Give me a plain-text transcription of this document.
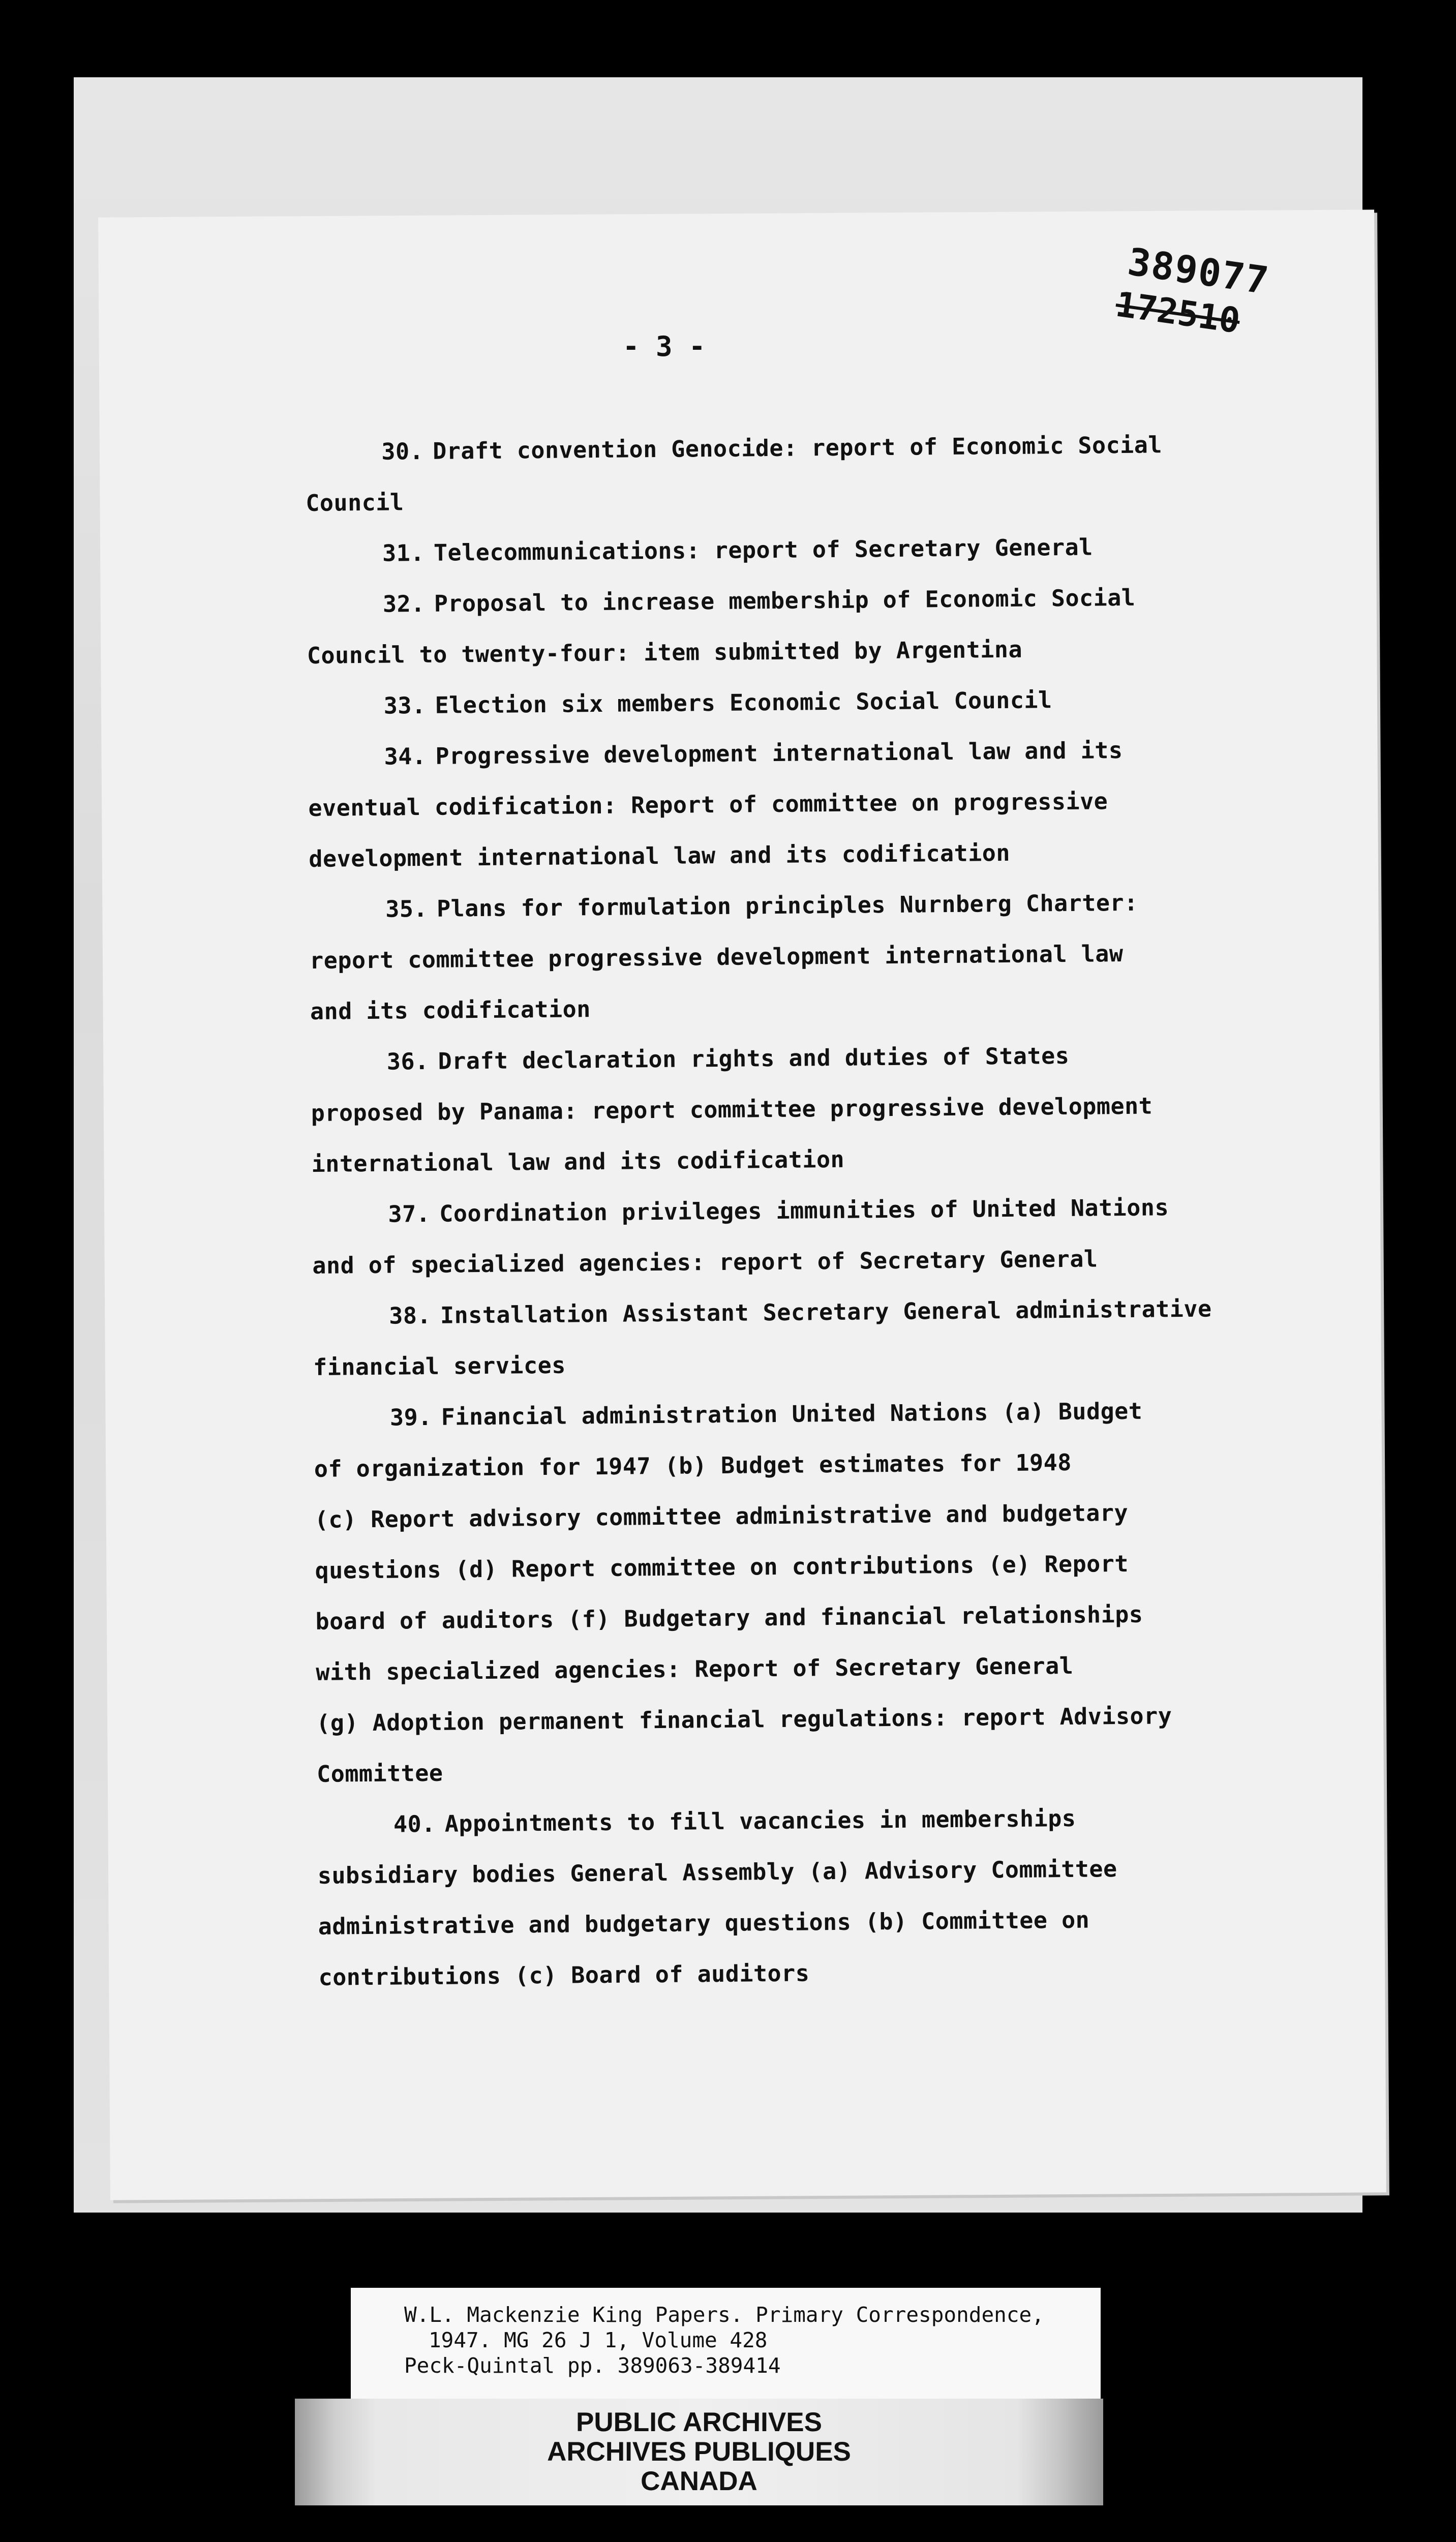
389077
172510
- 3 -
30. Draft convention Genocide: report of Economic Social
Council
31. Telecommunications: report of Secretary General
32. Proposal to increase membership of Economic Social
Council to twenty-four: item submitted by Argentina
33. Election six members Economic Social Council
34. Progressive development international law and its
eventual codification: Report of committee on progressive
development international law and its codification
35. Plans for formulation principles Nurnberg Charter:
report committee progressive development international law
and its codification
36. Draft declaration rights and duties of States
proposed by Panama: report committee progressive development
international law and its codification
37. Coordination privileges immunities of United Nations
and of specialized agencies: report of Secretary General
38. Installation Assistant Secretary General administrative
financial services
39. Financial administration United Nations (a) Budget
of organization for 1947 (b) Budget estimates for 1948
(c) Report advisory committee administrative and budgetary
questions (d) Report committee on contributions (e) Report
board of auditors (f) Budgetary and financial relationships
with specialized agencies: Report of Secretary General
(g) Adoption permanent financial regulations: report Advisory
Committee
40. Appointments to fill vacancies in memberships
subsidiary bodies General Assembly (a) Advisory Committee
administrative and budgetary questions (b) Committee on
contributions (c) Board of auditors
W.L. Mackenzie King Papers. Primary Correspondence,
1947. MG 26 J 1, Volume 428
Peck-Quintal pp. 389063-389414
PUBLIC ARCHIVES
ARCHIVES PUBLIQUES
CANADA
